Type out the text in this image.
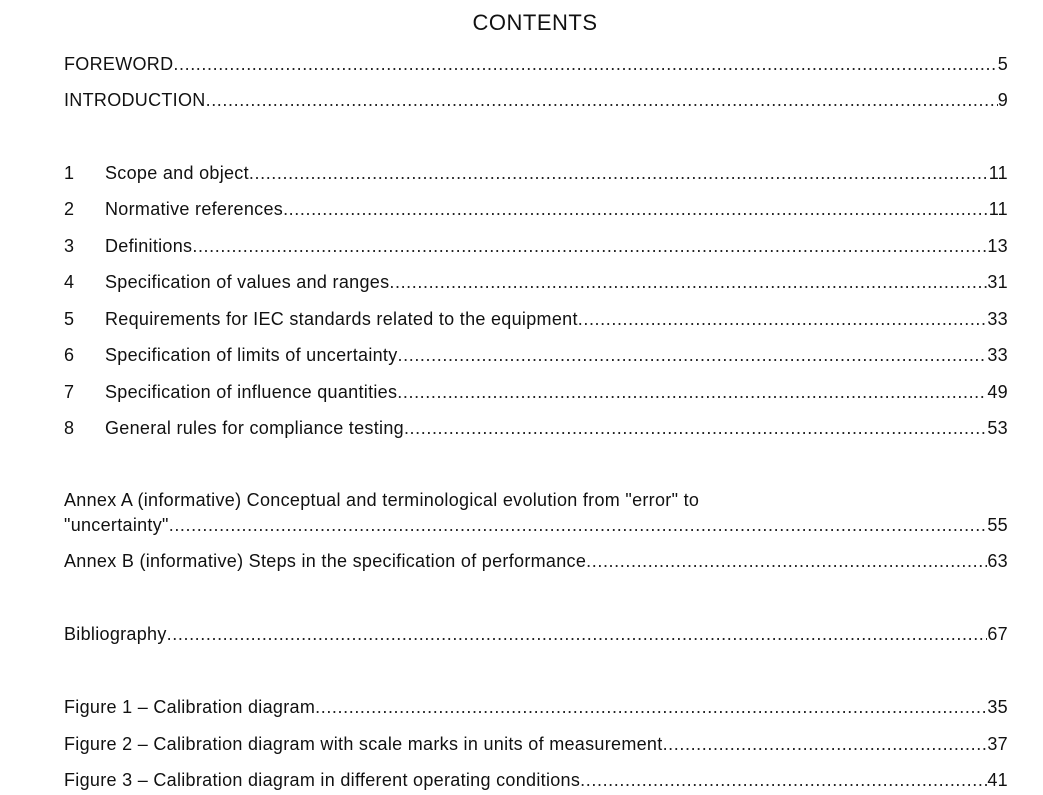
CONTENTS
FOREWORD .....	5
INTRODUCTION .....	9
1	Scope and object .....	11
2	Normative references .....	11
3	Definitions .....	13
4	Specification of values and ranges .....	31
5	Requirements for IEC standards related to the equipment .....	33
6	Specification of limits of uncertainty .....	33
7	Specification of influence quantities .....	49
8	General rules for compliance testing .....	53
Annex A (informative) Conceptual and terminological evolution from "error" to
"uncertainty" .....	55
Annex B (informative) Steps in the specification of performance .....	63
Bibliography .....	67
Figure 1 – Calibration diagram .....	35
Figure 2 – Calibration diagram with scale marks in units of measurement .....	37
Figure 3 – Calibration diagram in different operating conditions .....	41
